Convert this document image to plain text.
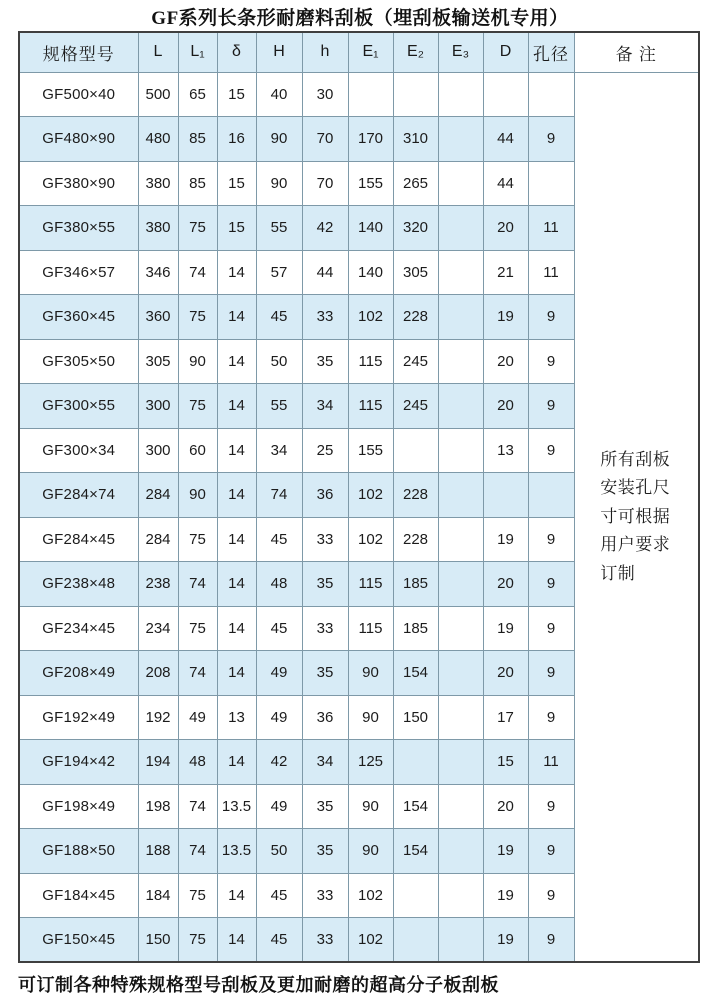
GF系列长条形耐磨料刮板（埋刮板输送机专用）
规格型号	L	L₁	δ	H	h	E₁	E₂	E₃	D	孔径	备 注
GF500×40	500	65	15	40	30						所有刮板安装孔尺寸可根据用户要求订制

GF480×90	480	85	16	90	70	170	310		44	9	
GF380×90	380	85	15	90	70	155	265		44		
GF380×55	380	75	15	55	42	140	320		20	11	
GF346×57	346	74	14	57	44	140	305		21	11	
GF360×45	360	75	14	45	33	102	228		19	9	
GF305×50	305	90	14	50	35	115	245		20	9	
GF300×55	300	75	14	55	34	115	245		20	9	
GF300×34	300	60	14	34	25	155			13	9	
GF284×74	284	90	14	74	36	102	228				
GF284×45	284	75	14	45	33	102	228		19	9	
GF238×48	238	74	14	48	35	115	185		20	9	
GF234×45	234	75	14	45	33	115	185		19	9	
GF208×49	208	74	14	49	35	90	154		20	9	
GF192×49	192	49	13	49	36	90	150		17	9	
GF194×42	194	48	14	42	34	125			15	11	
GF198×49	198	74	13.5	49	35	90	154		20	9	
GF188×50	188	74	13.5	50	35	90	154		19	9	
GF184×45	184	75	14	45	33	102			19	9	
GF150×45	150	75	14	45	33	102			19	9	
可订制各种特殊规格型号刮板及更加耐磨的超高分子板刮板
